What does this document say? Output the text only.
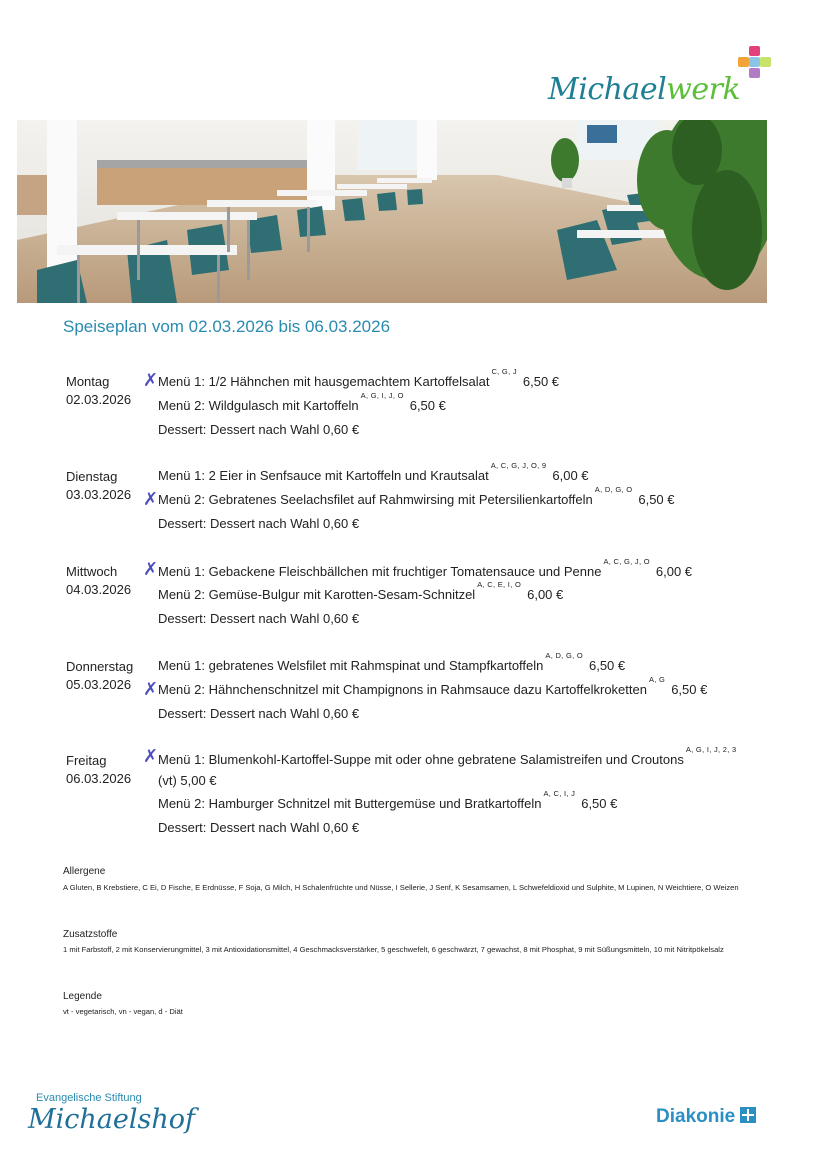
Michaelwerk
Speiseplan vom 02.03.2026 bis 06.03.2026
Montag
02.03.2026
✗ Menü 1: 1/2 Hähnchen mit hausgemachtem Kartoffelsalat$^{C, G, J}$6,50 €
Menü 2: Wildgulasch mit Kartoffeln$^{A, G, I, J, O}$6,50 €
Dessert: Dessert nach Wahl 0,60 €
Dienstag
03.03.2026
Menü 1: 2 Eier in Senfsauce mit Kartoffeln und Krautsalat$^{A, C, G, J, O, 9}$6,00 €
✗ Menü 2: Gebratenes Seelachsfilet auf Rahmwirsing mit Petersilienkartoffeln$^{A, D, G, O}$6,50 €
Dessert: Dessert nach Wahl 0,60 €
Mittwoch
04.03.2026
✗ Menü 1: Gebackene Fleischbällchen mit fruchtiger Tomatensauce und Penne$^{A, C, G, J, O}$6,00 €
Menü 2: Gemüse-Bulgur mit Karotten-Sesam-Schnitzel$^{A, C, E, I, O}$6,00 €
Dessert: Dessert nach Wahl 0,60 €
Donnerstag
05.03.2026
Menü 1: gebratenes Welsfilet mit Rahmspinat und Stampfkartoffeln$^{A, D, G, O}$6,50 €
✗ Menü 2: Hähnchenschnitzel mit Champignons in Rahmsauce dazu Kartoffelkroketten$^{A, G}$6,50 €
Dessert: Dessert nach Wahl 0,60 €
Freitag
06.03.2026
✗ Menü 1: Blumenkohl-Kartoffel-Suppe mit oder ohne gebratene Salamistreifen und Croutons$^{A, G, I, J, 2, 3}$
(vt) 5,00 €
Menü 2: Hamburger Schnitzel mit Buttergemüse und Bratkartoffeln$^{A, C, I, J}$6,50 €
Dessert: Dessert nach Wahl 0,60 €
Allergene
A Gluten, B Krebstiere, C Ei, D Fische, E Erdnüsse, F Soja, G Milch, H Schalenfrüchte und Nüsse, I Sellerie, J Senf, K Sesamsamen, L Schwefeldioxid und Sulphite, M Lupinen, N Weichtiere, O Weizen
Zusatzstoffe
1 mit Farbstoff, 2 mit Konservierungmittel, 3 mit Antioxidationsmittel, 4 Geschmacksverstärker, 5 geschwefelt, 6 geschwärzt, 7 gewachst, 8 mit Phosphat, 9 mit Süßungsmitteln, 10 mit Nitritpökelsalz
Legende
vt - vegetarisch, vn - vegan, d - Diät
Evangelische Stiftung
Michaelshof	Diakonie
